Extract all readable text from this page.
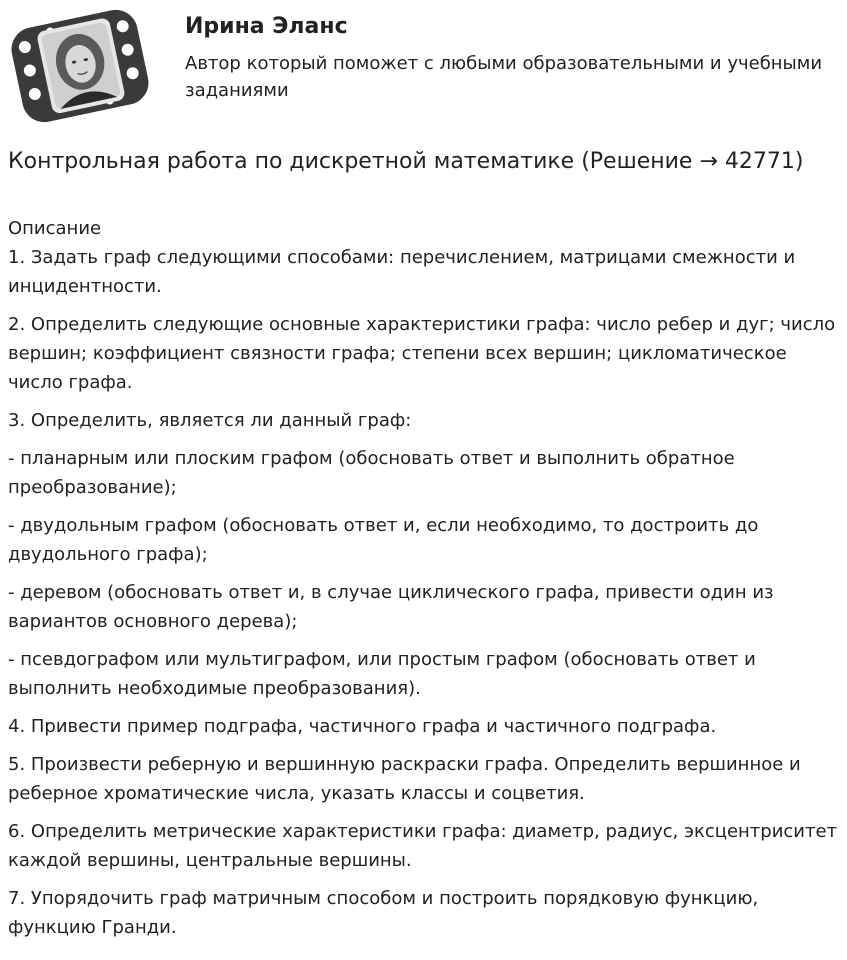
Ирина Эланс

Автор который поможет с любыми образовательными и учебными заданиями

Контрольная работа по дискретной математике (Решение → 42771)

Описание

1. Задать граф следующими способами: перечислением, матрицами смежности и инцидентности.

2. Определить следующие основные характеристики графа: число ребер и дуг; число вершин; коэффициент связности графа; степени всех вершин; цикломатическое число графа.

3. Определить, является ли данный граф:

- планарным или плоским графом (обосновать ответ и выполнить обратное преобразование);

- двудольным графом (обосновать ответ и, если необходимо, то достроить до двудольного графа);

- деревом (обосновать ответ и, в случае циклического графа, привести один из вариантов основного дерева);

- псевдографом или мультиграфом, или простым графом (обосновать ответ и выполнить необходимые преобразования).

4. Привести пример подграфа, частичного графа и частичного подграфа.

5. Произвести реберную и вершинную раскраски графа. Определить вершинное и реберное хроматические числа, указать классы и соцветия.

6. Определить метрические характеристики графа: диаметр, радиус, эксцентриситет каждой вершины, центральные вершины.

7. Упорядочить граф матричным способом и построить порядковую функцию, функцию Гранди.
